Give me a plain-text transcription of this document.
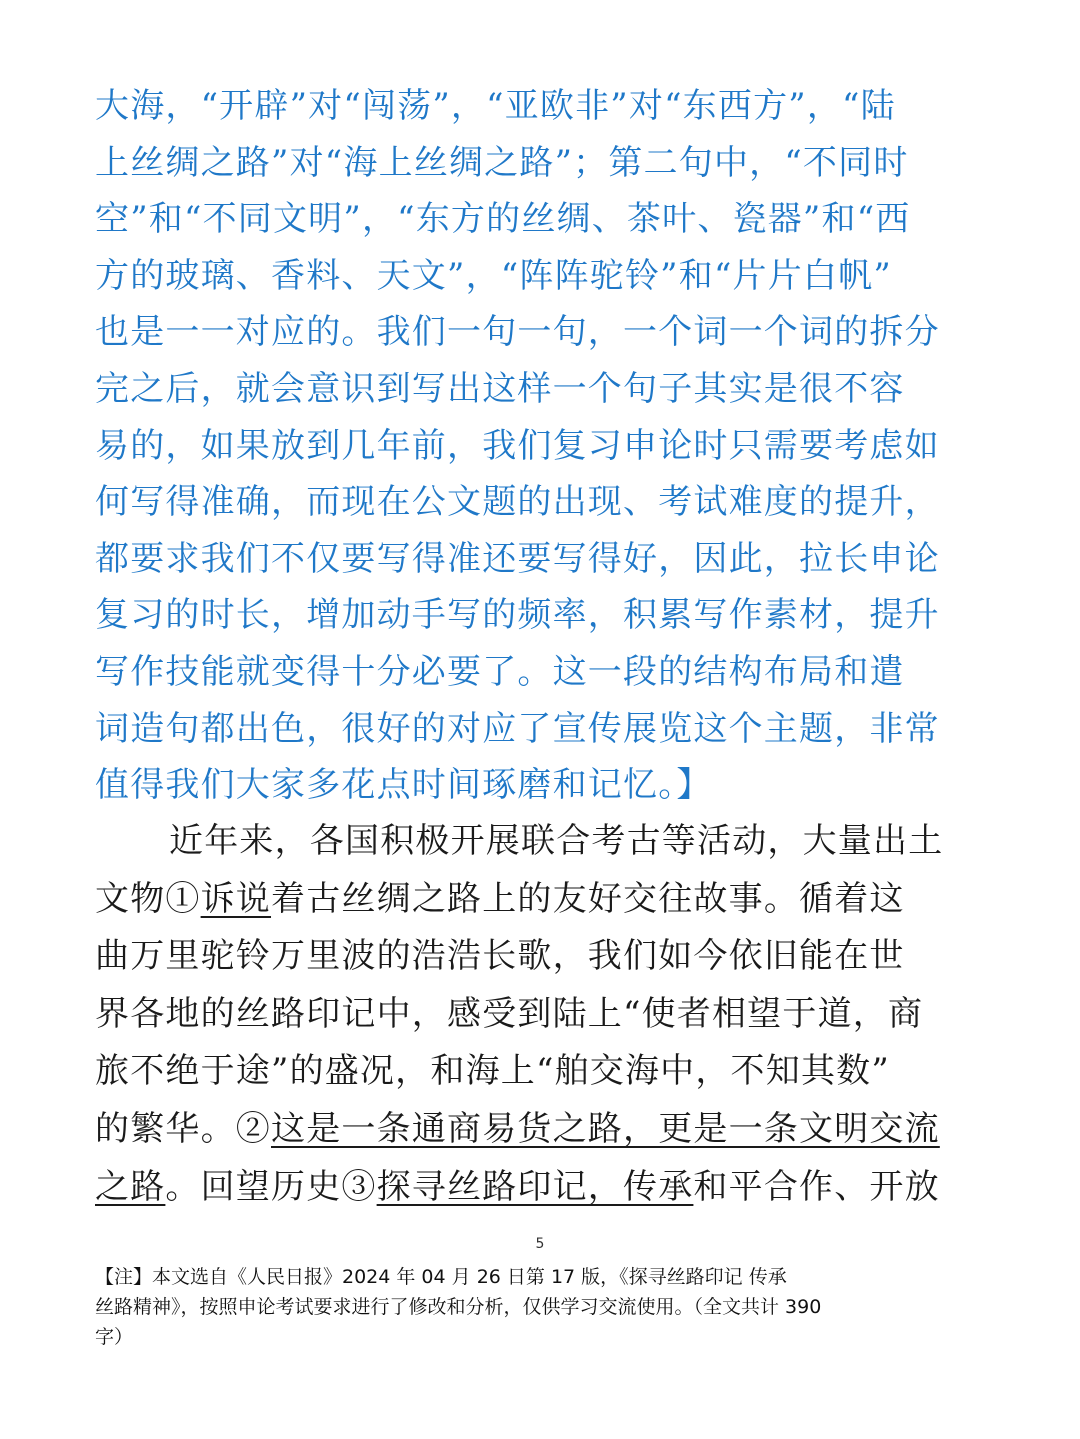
大海，“开辟”对“闯荡”，“亚欧非”对“东西方”，“陆
上丝绸之路”对“海上丝绸之路”；第二句中，“不同时
空”和“不同文明”，“东方的丝绸、茶叶、瓷器”和“西
方的玻璃、香料、天文”，“阵阵驼铃”和“片片白帆”
也是一一对应的。我们一句一句，一个词一个词的拆分
完之后，就会意识到写出这样一个句子其实是很不容
易的，如果放到几年前，我们复习申论时只需要考虑如
何写得准确，而现在公文题的出现、考试难度的提升，
都要求我们不仅要写得准还要写得好，因此，拉长申论
复习的时长，增加动手写的频率，积累写作素材，提升
写作技能就变得十分必要了。这一段的结构布局和遣
词造句都出色，很好的对应了宣传展览这个主题，非常
值得我们大家多花点时间琢磨和记忆。】
近年来，各国积极开展联合考古等活动，大量出土
文物①诉说着古丝绸之路上的友好交往故事。循着这
曲万里驼铃万里波的浩浩长歌，我们如今依旧能在世
界各地的丝路印记中，感受到陆上“使者相望于道，商
旅不绝于途”的盛况，和海上“舶交海中，不知其数”
的繁华。②这是一条通商易货之路，更是一条文明交流
之路。回望历史③探寻丝路印记，传承和平合作、开放
5
【注】本文选自《人民日报》2024 年 04 月 26 日第 17 版，《探寻丝路印记 传承
丝路精神》，按照申论考试要求进行了修改和分析，仅供学习交流使用。（全文共计 390
字）
